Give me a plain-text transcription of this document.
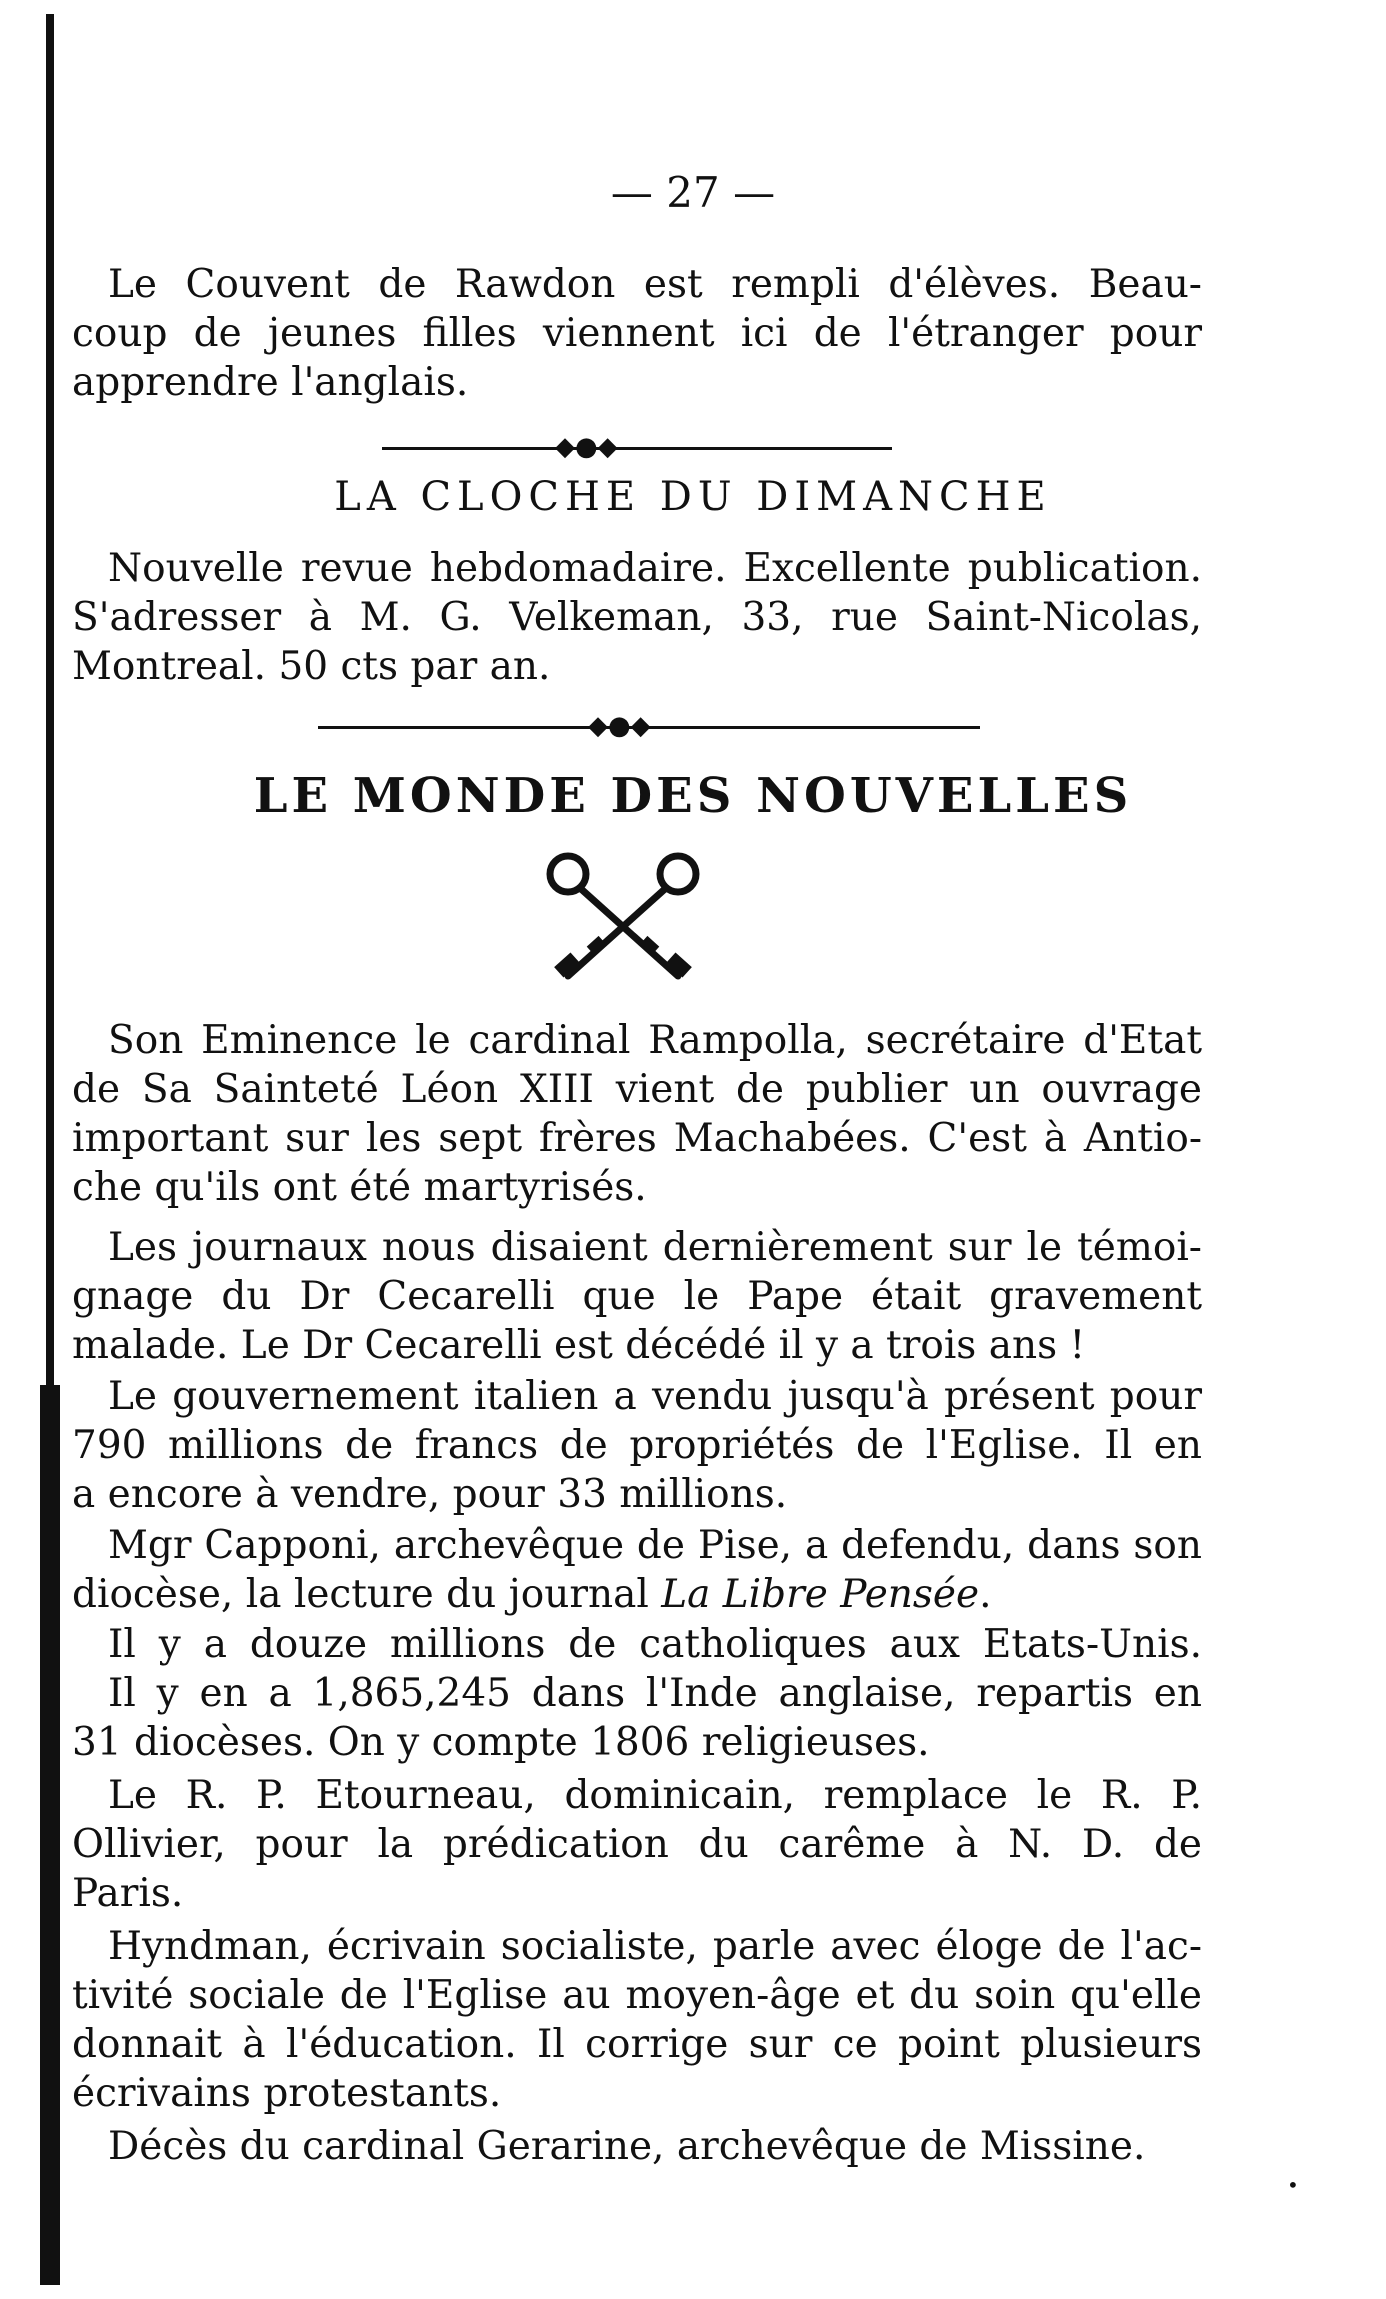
— 27 —
Le Couvent de Rawdon est rempli d'élèves. Beau-
coup de jeunes filles viennent ici de l'étranger pour
apprendre l'anglais.
◆●◆
LA CLOCHE DU DIMANCHE
Nouvelle revue hebdomadaire. Excellente publication.
S'adresser à M. G. Velkeman, 33, rue Saint-Nicolas,
Montreal. 50 cts par an.
◆●◆
LE MONDE DES NOUVELLES
Son Eminence le cardinal Rampolla, secrétaire d'Etat
de Sa Sainteté Léon XIII vient de publier un ouvrage
important sur les sept frères Machabées. C'est à Antio-
che qu'ils ont été martyrisés.
Les journaux nous disaient dernièrement sur le témoi-
gnage du Dr Cecarelli que le Pape était gravement
malade. Le Dr Cecarelli est décédé il y a trois ans !
Le gouvernement italien a vendu jusqu'à présent pour
790 millions de francs de propriétés de l'Eglise. Il en
a encore à vendre, pour 33 millions.
Mgr Capponi, archevêque de Pise, a defendu, dans son
diocèse, la lecture du journal La Libre Pensée.
Il y a douze millions de catholiques aux Etats-Unis.
Il y en a 1,865,245 dans l'Inde anglaise, repartis en
31 diocèses. On y compte 1806 religieuses.
Le R. P. Etourneau, dominicain, remplace le R. P.
Ollivier, pour la prédication du carême à N. D. de
Paris.
Hyndman, écrivain socialiste, parle avec éloge de l'ac-
tivité sociale de l'Eglise au moyen-âge et du soin qu'elle
donnait à l'éducation. Il corrige sur ce point plusieurs
écrivains protestants.
Décès du cardinal Gerarine, archevêque de Missine.
•
